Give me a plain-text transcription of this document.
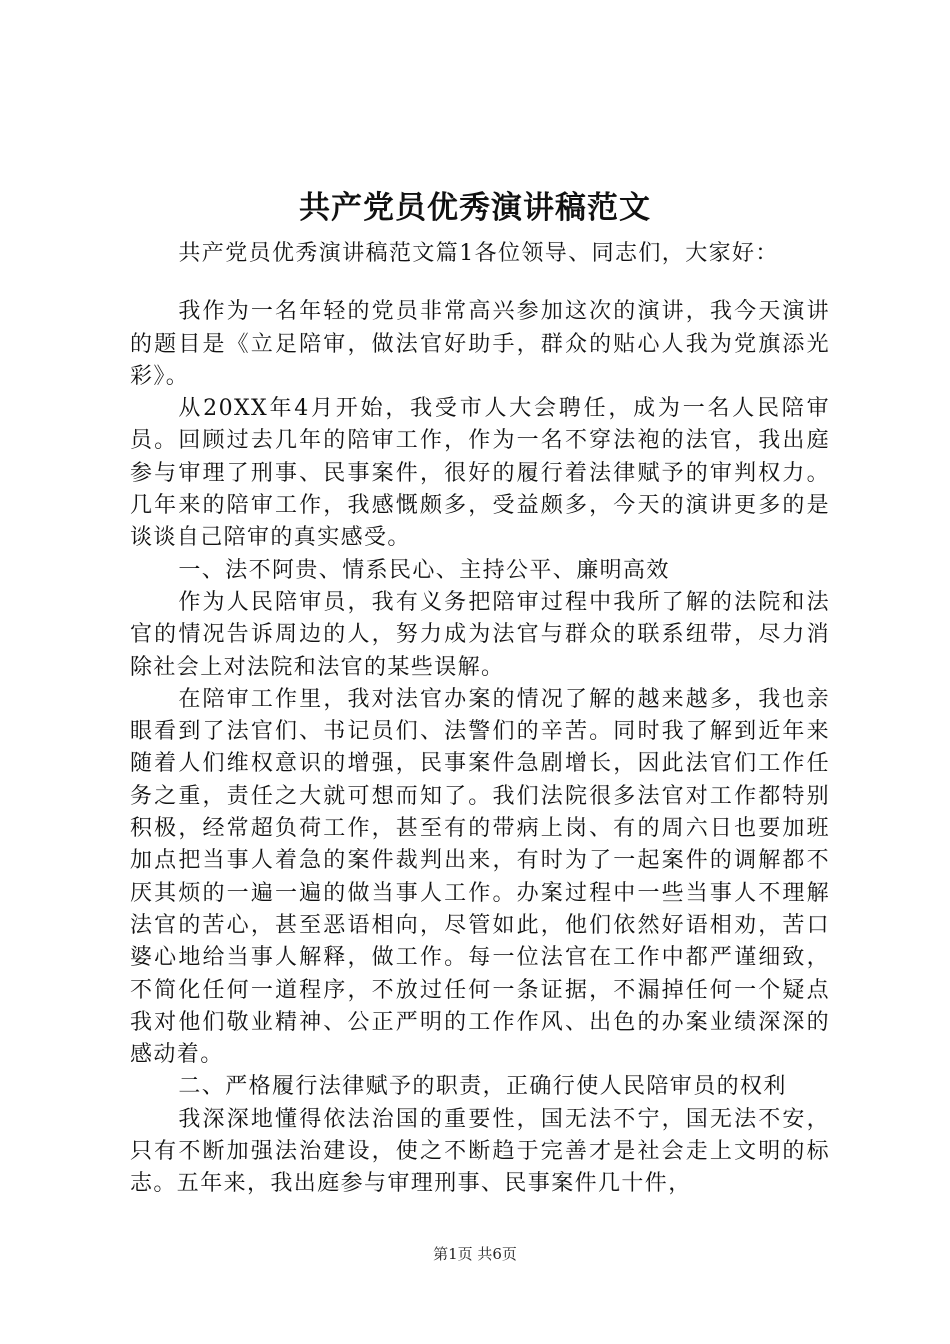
共产党员优秀演讲稿范文

共产党员优秀演讲稿范文篇1各位领导、同志们，大家好：

我作为一名年轻的党员非常高兴参加这次的演讲，我今天演讲的题目是《立足陪审，做法官好助手，群众的贴心人我为党旗添光彩》。

从20XX年4月开始，我受市人大会聘任，成为一名人民陪审员。回顾过去几年的陪审工作，作为一名不穿法袍的法官，我出庭参与审理了刑事、民事案件，很好的履行着法律赋予的审判权力。几年来的陪审工作，我感慨颇多，受益颇多，今天的演讲更多的是谈谈自己陪审的真实感受。

一、法不阿贵、情系民心、主持公平、廉明高效

作为人民陪审员，我有义务把陪审过程中我所了解的法院和法官的情况告诉周边的人，努力成为法官与群众的联系纽带，尽力消除社会上对法院和法官的某些误解。

在陪审工作里，我对法官办案的情况了解的越来越多，我也亲眼看到了法官们、书记员们、法警们的辛苦。同时我了解到近年来随着人们维权意识的增强，民事案件急剧增长，因此法官们工作任务之重，责任之大就可想而知了。我们法院很多法官对工作都特别积极，经常超负荷工作，甚至有的带病上岗、有的周六日也要加班加点把当事人着急的案件裁判出来，有时为了一起案件的调解都不厌其烦的一遍一遍的做当事人工作。办案过程中一些当事人不理解法官的苦心，甚至恶语相向，尽管如此，他们依然好语相劝，苦口婆心地给当事人解释，做工作。每一位法官在工作中都严谨细致，不简化任何一道程序，不放过任何一条证据，不漏掉任何一个疑点我对他们敬业精神、公正严明的工作作风、出色的办案业绩深深的感动着。

二、严格履行法律赋予的职责，正确行使人民陪审员的权利

我深深地懂得依法治国的重要性，国无法不宁，国无法不安，只有不断加强法治建设，使之不断趋于完善才是社会走上文明的标志。五年来，我出庭参与审理刑事、民事案件几十件，

第1页 共6页
